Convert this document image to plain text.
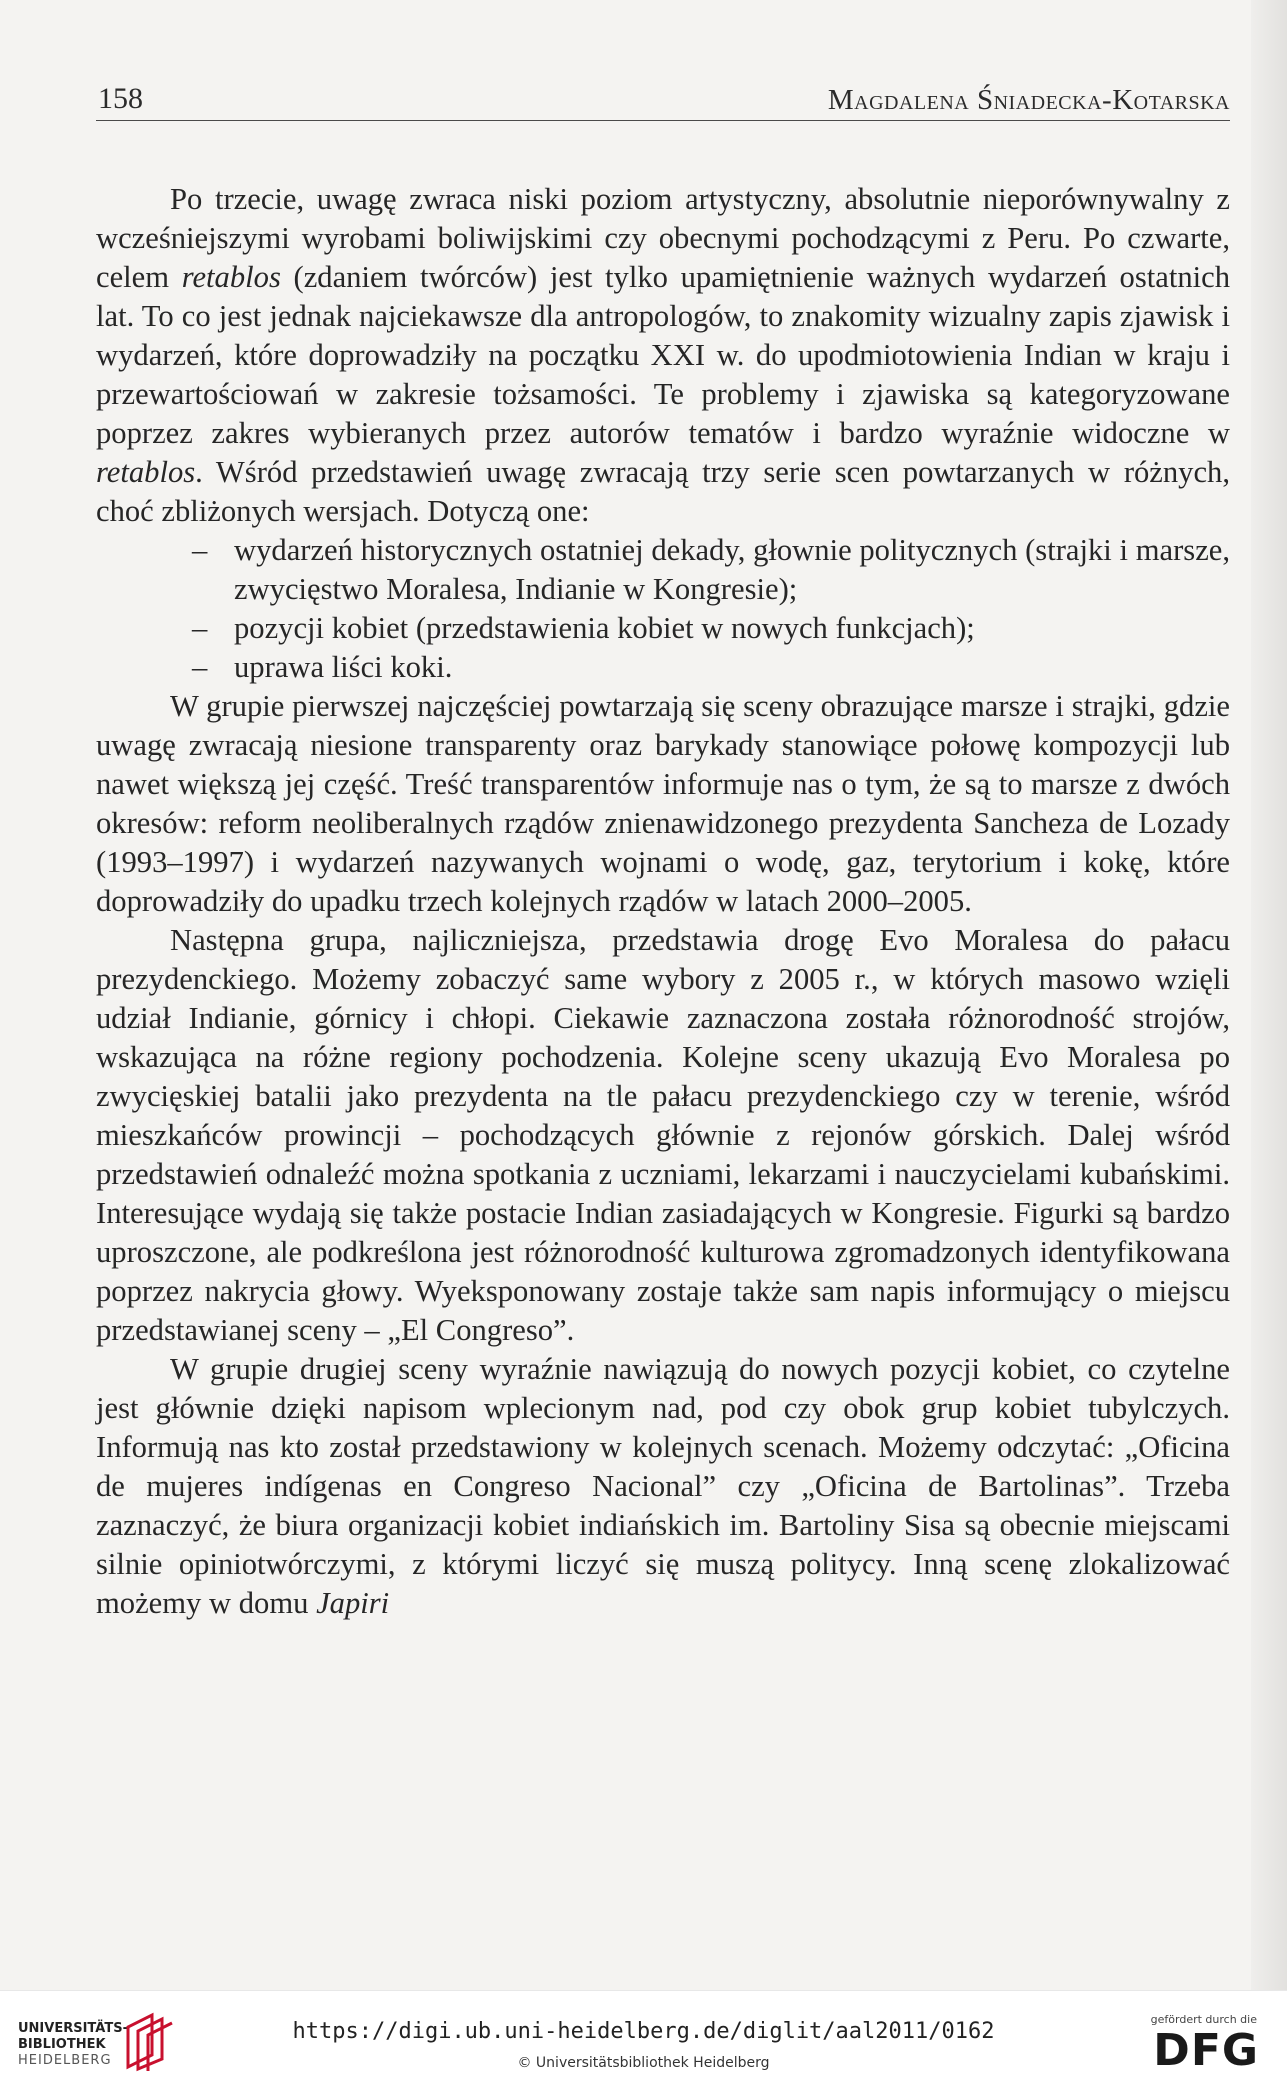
158	Magdalena Śniadecka-Kotarska

Po trzecie, uwagę zwraca niski poziom artystyczny, absolutnie nieporównywalny z wcześniejszymi wyrobami boliwijskimi czy obecnymi pochodzącymi z Peru. Po czwarte, celem retablos (zdaniem twórców) jest tylko upamiętnienie ważnych wydarzeń ostatnich lat. To co jest jednak najciekawsze dla antropologów, to znakomity wizualny zapis zjawisk i wydarzeń, które doprowadziły na początku XXI w. do upodmiotowienia Indian w kraju i przewartościowań w zakresie tożsamości. Te problemy i zjawiska są kategoryzowane poprzez zakres wybieranych przez autorów tematów i bardzo wyraźnie widoczne w retablos. Wśród przedstawień uwagę zwracają trzy serie scen powtarzanych w różnych, choć zbliżonych wersjach. Dotyczą one:

– wydarzeń historycznych ostatniej dekady, głownie politycznych (strajki i marsze, zwycięstwo Moralesa, Indianie w Kongresie);
– pozycji kobiet (przedstawienia kobiet w nowych funkcjach);
– uprawa liści koki.

W grupie pierwszej najczęściej powtarzają się sceny obrazujące marsze i strajki, gdzie uwagę zwracają niesione transparenty oraz barykady stanowiące połowę kompozycji lub nawet większą jej część. Treść transparentów informuje nas o tym, że są to marsze z dwóch okresów: reform neoliberalnych rządów znienawidzonego prezydenta Sancheza de Lozady (1993–1997) i wydarzeń nazywanych wojnami o wodę, gaz, terytorium i kokę, które doprowadziły do upadku trzech kolejnych rządów w latach 2000–2005.

Następna grupa, najliczniejsza, przedstawia drogę Evo Moralesa do pałacu prezydenckiego. Możemy zobaczyć same wybory z 2005 r., w których masowo wzięli udział Indianie, górnicy i chłopi. Ciekawie zaznaczona została różnorodność strojów, wskazująca na różne regiony pochodzenia. Kolejne sceny ukazują Evo Moralesa po zwycięskiej batalii jako prezydenta na tle pałacu prezydenckiego czy w terenie, wśród mieszkańców prowincji – pochodzących głównie z rejonów górskich. Dalej wśród przedstawień odnaleźć można spotkania z uczniami, lekarzami i nauczycielami kubańskimi. Interesujące wydają się także postacie Indian zasiadających w Kongresie. Figurki są bardzo uproszczone, ale podkreślona jest różnorodność kulturowa zgromadzonych identyfikowana poprzez nakrycia głowy. Wyeksponowany zostaje także sam napis informujący o miejscu przedstawianej sceny – „El Congreso”.

W grupie drugiej sceny wyraźnie nawiązują do nowych pozycji kobiet, co czytelne jest głównie dzięki napisom wplecionym nad, pod czy obok grup kobiet tubylczych. Informują nas kto został przedstawiony w kolejnych scenach. Możemy odczytać: „Oficina de mujeres indígenas en Congreso Nacional” czy „Oficina de Bartolinas”. Trzeba zaznaczyć, że biura organizacji kobiet indiańskich im. Bartoliny Sisa są obecnie miejscami silnie opiniotwórczymi, z którymi liczyć się muszą politycy. Inną scenę zlokalizować możemy w domu Japiri

UNIVERSITÄTS-
BIBLIOTHEK
HEIDELBERG
https://digi.ub.uni-heidelberg.de/diglit/aal2011/0162
© Universitätsbibliothek Heidelberg
gefördert durch die
DFG
